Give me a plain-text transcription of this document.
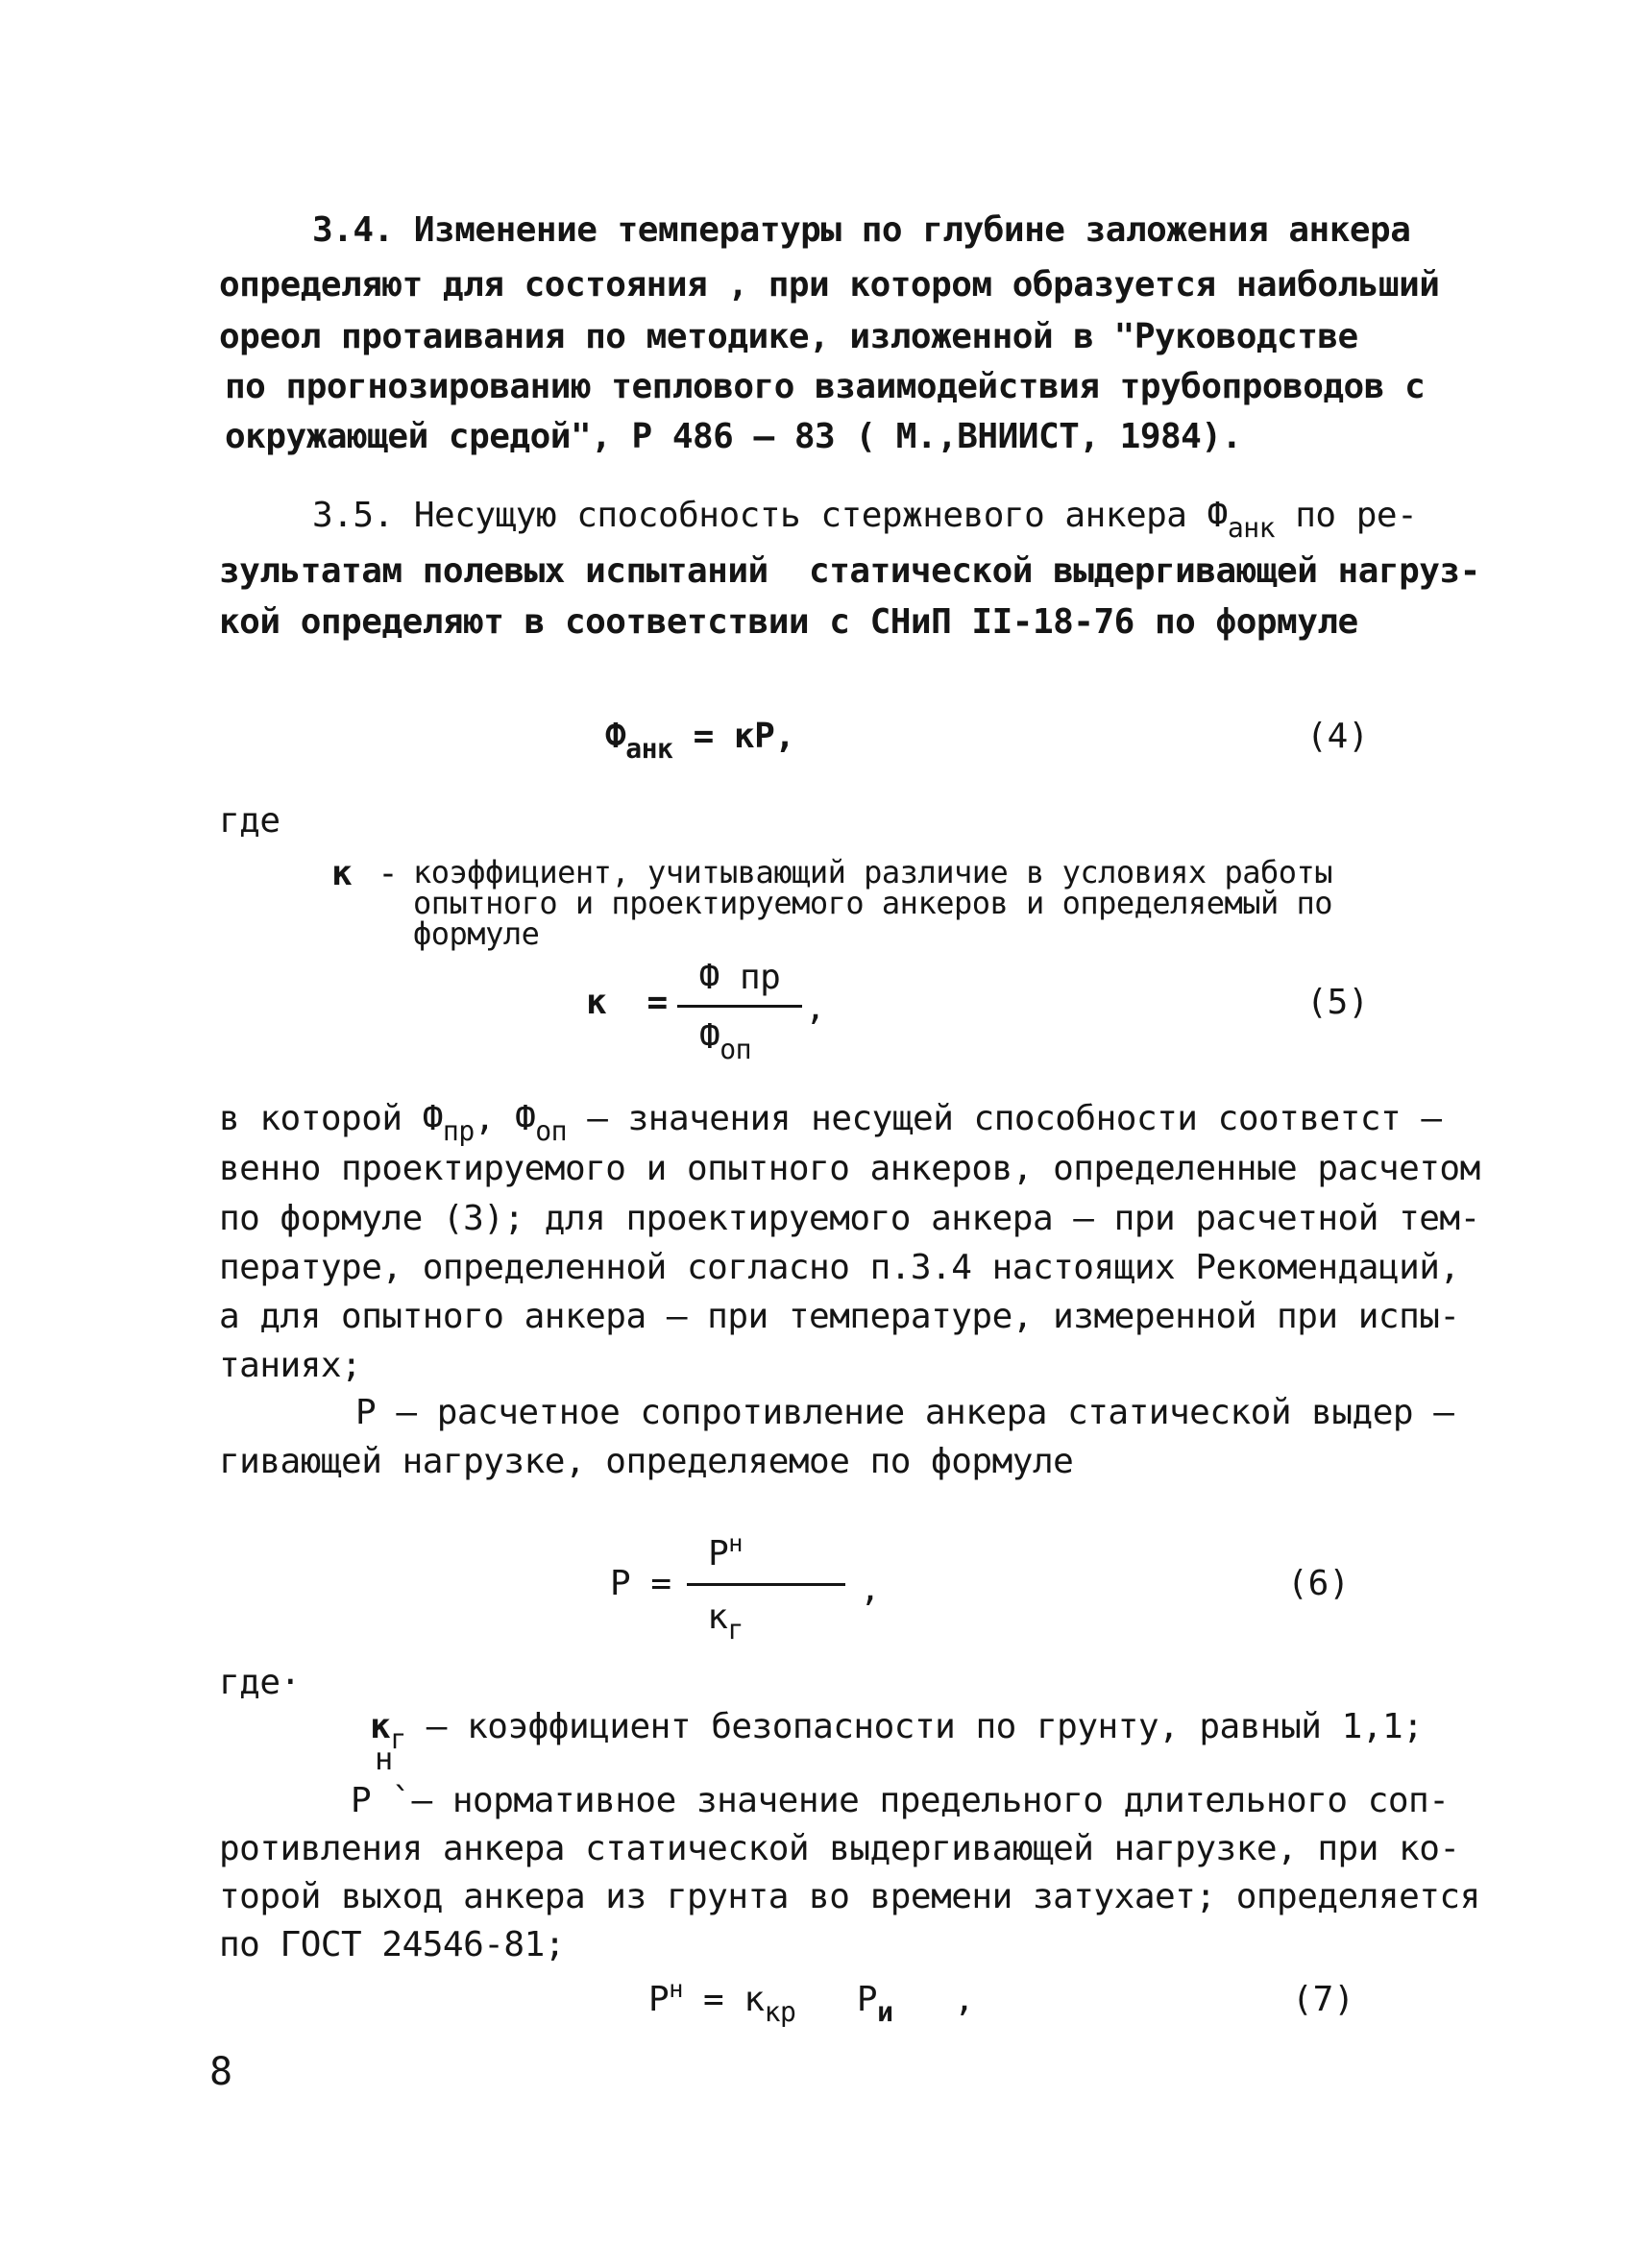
3.4. Изменение температуры по глубине заложения анкера
определяют для состояния , при котором образуется наибольший
ореол протаивания по методике, изложенной в "Руководстве
по прогнозированию теплового взаимодействия трубопроводов с
окружающей средой", Р 486 – 83 ( М.,ВНИИСТ, 1984).
3.5. Несущую способность стержневого анкера $Ф_{анк}$ по ре-
зультатам полевых испытаний  статической выдергивающей нагруз-
кой определяют в соответствии с СНиП II-18-76 по формуле
$Ф_{анк}$ = кР,	(4)
где
к -
коэффициент, учитывающий различие в условиях работы
опытного и проектируемого анкеров и определяемый по
формуле
к  =
Ф пр
$Ф_{оп}$
,	(5)
в которой $Ф_{пр}$, $Ф_{оп}$ – значения несущей способности соответст –
венно проектируемого и опытного анкеров, определенные расчетом
по формуле (3); для проектируемого анкера – при расчетной тем-
пературе, определенной согласно п.3.4 настоящих Рекомендаций,
а для опытного анкера – при температуре, измеренной при испы-
таниях;
Р – расчетное сопротивление анкера статической выдер –
гивающей нагрузке, определяемое по формуле
Р =
$Р^н$
$к_г$
,	(6)
где·
$к_г$ – коэффициент безопасности по грунту, равный 1,1;
н
Р `– нормативное значение предельного длительного соп-
ротивления анкера статической выдергивающей нагрузке, при ко-
торой выход анкера из грунта во времени затухает; определяется
по ГОСТ 24546-81;
$Р^н = к_{кр}$   $Р_и$   ,	(7)
8
